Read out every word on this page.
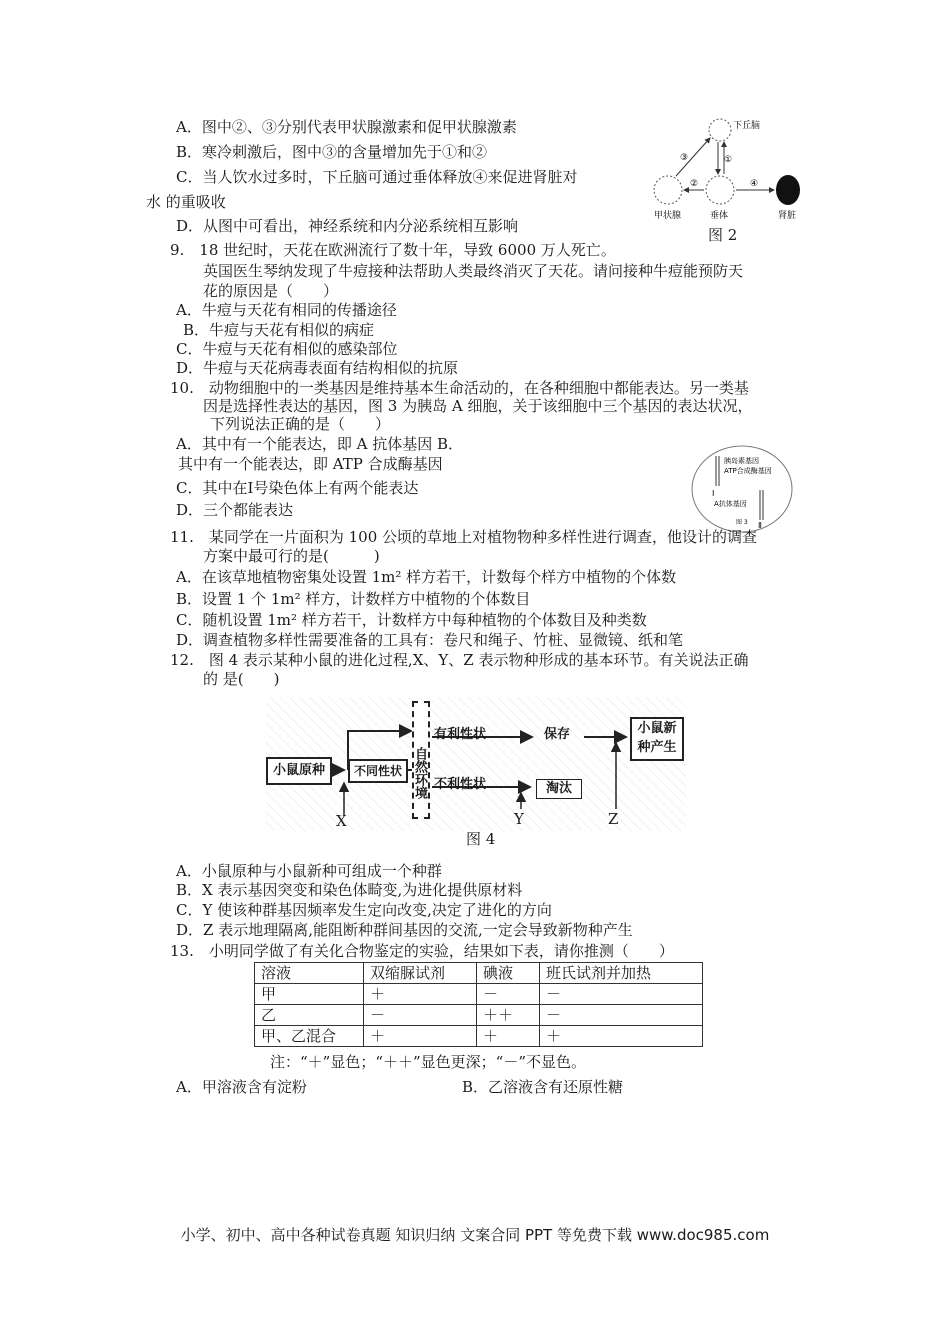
A．图中②、③分别代表甲状腺激素和促甲状腺激素
B．寒冷刺激后，图中③的含量增加先于①和②
C．当人饮水过多时，下丘脑可通过垂体释放④来促进肾脏对
水 的重吸收
D．从图中可看出，神经系统和内分泌系统相互影响
下丘脑
①
②
③
④
甲状腺	垂体	肾脏
图 2
9.　18 世纪时，天花在欧洲流行了数十年，导致 6000 万人死亡。
英国医生琴纳发现了牛痘接种法帮助人类最终消灭了天花。请问接种牛痘能预防天
花的原因是（　　）
A．牛痘与天花有相同的传播途径
B．牛痘与天花有相似的病症
C．牛痘与天花有相似的感染部位
D．牛痘与天花病毒表面有结构相似的抗原
10.　动物细胞中的一类基因是维持基本生命活动的，在各种细胞中都能表达。另一类基
因是选择性表达的基因，图 3 为胰岛 A 细胞，关于该细胞中三个基因的表达状况，
下列说法正确的是（　　）
A．其中有一个能表达，即 A 抗体基因 B．
其中有一个能表达，即 ATP 合成酶基因
C．其中在Ⅰ号染色体上有两个能表达
D．三个都能表达
胰岛素基因
ATP合成酶基因
Ⅰ
A抗体基因
图 3 Ⅱ
11.　某同学在一片面积为 100 公顷的草地上对植物物种多样性进行调查，他设计的调查
方案中最可行的是(　　　)
A．在该草地植物密集处设置 1m² 样方若干，计数每个样方中植物的个体数
B．设置 1 个 1m² 样方，计数样方中植物的个体数目
C．随机设置 1m² 样方若干，计数样方中每种植物的个体数目及种类数
D．调查植物多样性需要准备的工具有：卷尺和绳子、竹桩、显微镜、纸和笔
12.　图 4 表示某种小鼠的进化过程,X、Y、Z 表示物种形成的基本环节。有关说法正确
的 是(　　)
小鼠原种	不同性状 自然环境
有利性状	保存
不利性状	淘汰
小鼠新种产生
X	Y	Z
图 4
A．小鼠原种与小鼠新种可组成一个种群
B．X 表示基因突变和染色体畸变,为进化提供原材料
C．Y 使该种群基因频率发生定向改变,决定了进化的方向
D．Z 表示地理隔离,能阻断种群间基因的交流,一定会导致新物种产生
13.　小明同学做了有关化合物鉴定的实验，结果如下表，请你推测（　　）
溶液	双缩脲试剂	碘液	班氏试剂并加热
甲	＋	－	－
乙	－	＋＋	－
甲、乙混合	＋	＋	＋
注：“＋”显色；“＋＋”显色更深；“－”不显色。
A．甲溶液含有淀粉	B．乙溶液含有还原性糖
小学、初中、高中各种试卷真题 知识归纳 文案合同 PPT 等免费下载 www.doc985.com
